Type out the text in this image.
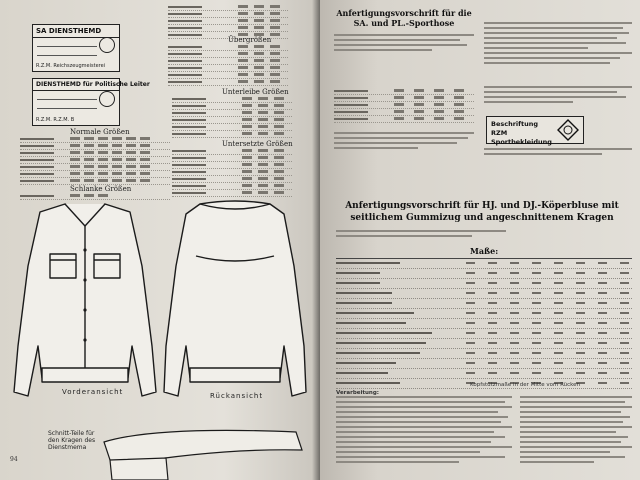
SA DIENSTHEMD
R.Z.M. Reichszeugmeisterei
DIENSTHEMD für Politische Leiter
R.Z.M. R.Z.M. B
Übergrößen
Normale Größen
Schlanke Größen
Unterleibe Größen
Untersetzte Größen
Vorderansicht	Rückansicht
Schnitt-Teile für den Kragen des Dienstmema
94
Anfertigungsvorschrift für die SA. und PL.-Sporthose
Beschriftung RZM Sportbekleidung
Anfertigungsvorschrift für HJ. und DJ.-Köperbluse mit seitlichem Gummizug und angeschnittenem Kragen
Maße:
Kopfstützmaße in der Mitte vom Rücken
Verarbeitung:
